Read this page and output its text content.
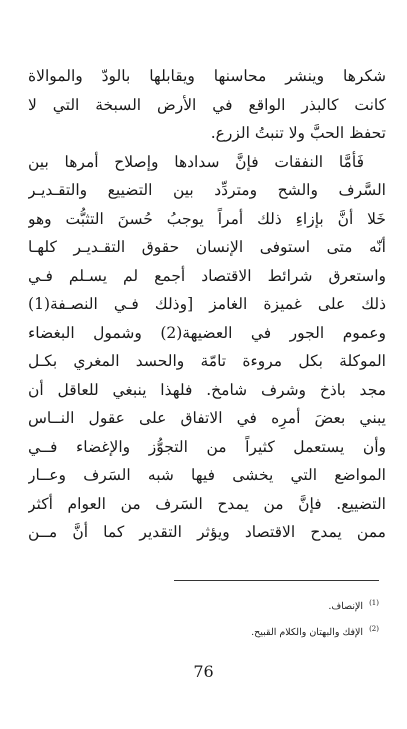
شكرها وينشر محاسنها ويقابلها بالودّ والموالاة
كانت كالبذر الواقع في الأرض السبخة التي لا
تحفظ الحبَّ ولا تنبتُ الزرع.
فَأمَّا النفقات فإنَّ سدادها وإصلاح أمرها بين
السَّرف والشح ومتردِّد بين التضييع والتقـديـر
خَلا أنَّ بإزاءِ ذلك أمراً يوجبُ حُسنَ التثبُّت وهو
أنّه متى استوفى الإنسان حقوق التقـديـر كلهـا
واستعرق شرائط الاقتصاد أجمع لم يسـلم فـي
ذلك على غميزة الغامز [وذلك فـي النصـفة(1)
وعموم الجور في العضيهة(2) وشمول البغضاء
الموكلة بكل مروءة تامّة والحسد المغري بكـل
مجد باذخ وشرف شامخ. فلهذا ينبغي للعاقل أن
يبني بعضَ أمرِه في الاتفاق على عقول النــاس
وأن يستعمل كثيراً من التجوُّز والإغضاء فــي
المواضع التي يخشى فيها شبه السَرف وعــار
التضييع. فإنَّ من يمدح السَرف من العوام أكثر
ممن يمدح الاقتصاد ويؤثر التقدير كما أنَّ مــن
$^{(1)}$الإنصاف.
$^{(2)}$الإفك والبهتان والكلام القبيح.
76
